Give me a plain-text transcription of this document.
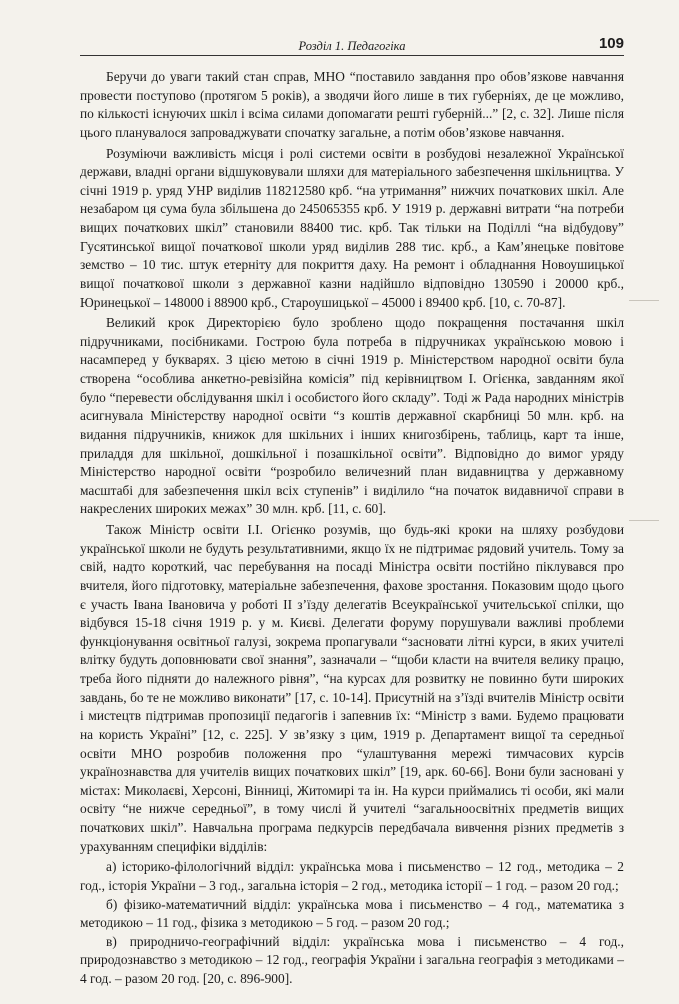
Розділ 1. Педагогіка	109

Беручи до уваги такий стан справ, МНО “поставило завдання про обов’язкове навчання провести поступово (протягом 5 років), а зводячи його лише в тих губерніях, де це можливо, по кількості існуючих шкіл і всіма силами допомагати решті губерній...” [2, с. 32]. Лише після цього планувалося запроваджувати спочатку загальне, а потім обов’язкове навчання.

Розуміючи важливість місця і ролі системи освіти в розбудові незалежної Української держави, владні органи відшуковували шляхи для матеріального забезпечення шкільництва. У січні 1919 р. уряд УНР виділив 118212580 крб. “на утримання” нижчих початкових шкіл. Але незабаром ця сума була збільшена до 245065355 крб. У 1919 р. державні витрати “на потреби вищих початкових шкіл” становили 88400 тис. крб. Так тільки на Поділлі “на відбудову” Гусятинської вищої початкової школи уряд виділив 288 тис. крб., а Кам’янецьке повітове земство – 10 тис. штук етерніту для покриття даху. На ремонт і обладнання Новоушицької вищої початкової школи з державної казни надійшло відповідно 130590 і 20000 крб., Юринецької – 148000 і 88900 крб., Староушицької – 45000 і 89400 крб. [10, с. 70-87].

Великий крок Директорією було зроблено щодо покращення постачання шкіл підручниками, посібниками. Гострою була потреба в підручниках українською мовою і насамперед у букварях. З цією метою в січні 1919 р. Міністерством народної освіти була створена “особлива анкетно-ревізійна комісія” під керівництвом І. Огієнка, завданням якої було “перевести обслідування шкіл і особистого його складу”. Тоді ж Рада народних міністрів асигнувала Міністерству народної освіти “з коштів державної скарбниці 50 млн. крб. на видання підручників, книжок для шкільних і інших книгозбірень, таблиць, карт та інше, приладдя для шкільної, дошкільної і позашкільної освіти”. Відповідно до вимог уряду Міністерство народної освіти “розробило величезний план видавництва у державному масштабі для забезпечення шкіл всіх ступенів” і виділило “на початок видавничої справи в накреслених широких межах” 30 млн. крб. [11, с. 60].

Також Міністр освіти І.І. Огієнко розумів, що будь-які кроки на шляху розбудови української школи не будуть результативними, якщо їх не підтримає рядовий учитель. Тому за свій, надто короткий, час перебування на посаді Міністра освіти постійно піклувався про вчителя, його підготовку, матеріальне забезпечення, фахове зростання. Показовим щодо цього є участь Івана Івановича у роботі ІІ з’їзду делегатів Всеукраїнської учительської спілки, що відбувся 15-18 січня 1919 р. у м. Києві. Делегати форуму порушували важливі проблеми функціонування освітньої галузі, зокрема пропагували “засновати літні курси, в яких учителі влітку будуть доповнювати свої знання”, зазначали – “щоби класти на вчителя велику працю, треба його підняти до належного рівня”, “на курсах для розвитку не повинно бути широких завдань, бо те не можливо виконати” [17, с. 10-14]. Присутній на з’їзді вчителів Міністр освіти і мистецтв підтримав пропозиції педагогів і запевнив їх: “Міністр з вами. Будемо працювати на користь Україні” [12, с. 225]. У зв’язку з цим, 1919 р. Департамент вищої та середньої освіти МНО розробив положення про “улаштування мережі тимчасових курсів українознавства для учителів вищих початкових шкіл” [19, арк. 60-66]. Вони були засновані у містах: Миколаєві, Херсоні, Вінниці, Житомирі та ін. На курси приймались ті особи, які мали освіту “не нижче середньої”, в тому числі й учителі “загальноосвітніх предметів вищих початкових шкіл”. Навчальна програма педкурсів передбачала вивчення різних предметів з урахуванням специфіки відділів:

а) історико-філологічний відділ: українська мова і письменство – 12 год., методика – 2 год., історія України – 3 год., загальна історія – 2 год., методика історії – 1 год. – разом 20 год.;

б) фізико-математичний відділ: українська мова і письменство – 4 год., математика з методикою – 11 год., фізика з методикою – 5 год. – разом 20 год.;

в) природничо-географічний відділ: українська мова і письменство – 4 год., природознавство з методикою – 12 год., географія України і загальна географія з методиками – 4 год. – разом 20 год. [20, с. 896-900].
